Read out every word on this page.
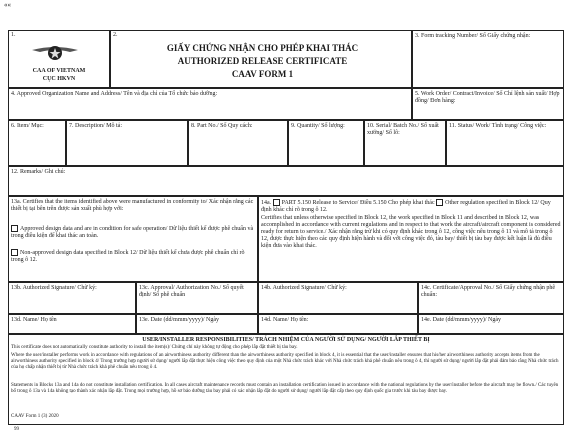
««
1.
CAA OF VIETNAM
CỤC HKVN
2.
GIẤY CHỨNG NHẬN CHO PHÉP KHAI THÁC
AUTHORIZED RELEASE CERTIFICATE
CAAV FORM 1
3. Form tracking Number/ Số Giấy chứng nhận:
4. Approved Organization Name and Address/ Tên và địa chỉ của Tổ chức bảo dưỡng:	5. Work Order/ Contract/Invoice/ Số Chỉ lệnh sản xuất/ Hợp đồng/ Đơn hàng:
6. Item/ Mục:	7. Description/ Mô tả:	8. Part No./ Số Quy cách:	9. Quantity/ Số lượng:	10. Serial/ Batch No./ Số xuất xưởng/ Số lô:
11. Status/ Work/ Tình trạng/ Công việc:
12. Remarks/ Ghi chú:
13a. Certifies that the items identified above were manufactured in conformity to/ Xác nhận rằng các thiết bị tại bên trên được sản xuất phù hợp với:
Approved design data and are in condition for safe operation/ Dữ liệu thiết kế được phê chuẩn và trong điều kiện để khai thác an toàn.
Non-approved design data specified in Block 12/ Dữ liệu thiết kế chưa được phê chuẩn chỉ rõ trong ô 12.
14a. PART 5.150 Release to Service/ Điều 5.150 Cho phép khai thác Other regulation specified in Block 12/ Quy định khác chỉ rõ trong ô 12.
Certifies that unless otherwise specified in Block 12, the work specified in Block 11 and described in Block 12, was accomplished in accordance with current regulations and in respect to that work the aircraft/aircraft component is considered ready for return to service./ Xác nhận rằng trừ khi có quy định khác trong ô 12, công việc nêu trong ô 11 và mô tả trong ô 12, được thực hiện theo các quy định hiện hành và đối với công việc đó, tàu bay/ thiết bị tàu bay được kết luận là đủ điều kiện đưa vào khai thác.
13b. Authorized Signature/ Chữ ký:	13c. Approval/ Authorization No./ Số quyết định/ Số phê chuẩn
14b. Authorized Signature/ Chữ ký:	14c. Certificate/Approval No./ Số Giấy chứng nhận phê chuẩn:
13d. Name/ Họ tên	13e. Date (dd/mmm/yyyy)/ Ngày	14d. Name/ Họ tên:	14e. Date (dd/mmm/yyyy)/ Ngày
USER/INSTALLER RESPONSIBILITIES/ TRÁCH NHIỆM CỦA NGƯỜI SỬ DỤNG/ NGƯỜI LẮP THIẾT BỊ
This certificate does not automatically constitute authority to install the item(s)/ Chứng chỉ này không tự động cho phép lắp đặt thiết bị tàu bay.
Where the user/installer performs work in accordance with regulations of an airworthiness authority different than the airworthiness authority specified in block 4, it is essential that the user/installer ensures that his/her airworthiness authority accepts items from the airworthiness authority specified in block 4/ Trong trường hợp người sử dụng/ người lắp đặt thực hiện công việc theo quy định của một Nhà chức trách khác với Nhà chức trách khả phê chuẩn nêu trong ô 4, thì người sử dụng/ người lắp đặt phải đảm bảo rằng Nhà chức trách của họ chấp nhận thiết bị từ Nhà chức trách khả phê chuẩn nêu trong ô 4.
Statements in Blocks 13a and 14a do not constitute installation certification. In all cases aircraft maintenance records must contain an installation certification issued in accordance with the national regulations by the user/installer before the aircraft may be flown./ Các tuyên bố trong ô 13a và 14a không tạo thành xác nhận lắp đặt. Trong mọi trường hợp, hồ sơ bảo dưỡng tàu bay phải có xác nhận lắp đặt do người sử dụng/ người lắp đặt cấp theo quy định quốc gia trước khi tàu bay được bay.
CAAV Form 1 (3) 2020
99
